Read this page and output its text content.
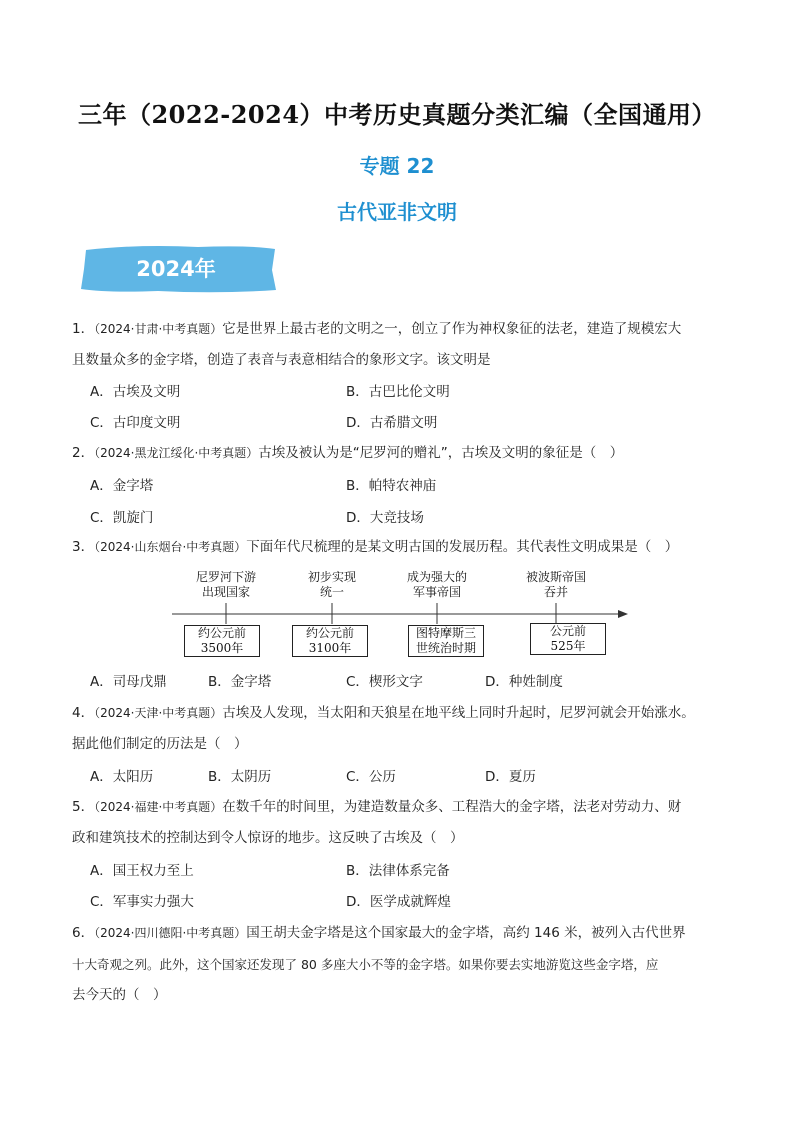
三年（2022-2024）中考历史真题分类汇编（全国通用）
专题 22
古代亚非文明
2024年
1．（2024·甘肃·中考真题）它是世界上最古老的文明之一，创立了作为神权象征的法老，建造了规模宏大
且数量众多的金字塔，创造了表音与表意相结合的象形文字。该文明是
A．古埃及文明	B．古巴比伦文明
C．古印度文明	D．古希腊文明
2．（2024·黑龙江绥化·中考真题）古埃及被认为是“尼罗河的赠礼”，古埃及文明的象征是（　）
A．金字塔	B．帕特农神庙
C．凯旋门	D．大竞技场
3．（2024·山东烟台·中考真题）下面年代尺梳理的是某文明古国的发展历程。其代表性文明成果是（　）
尼罗河下游
出现国家
初步实现
统一
成为强大的
军事帝国
被波斯帝国
吞并
约公元前
3500年
约公元前
3100年
图特摩斯三
世统治时期
公元前
525年
A．司母戊鼎	B．金字塔	C．楔形文字	D．种姓制度
4．（2024·天津·中考真题）古埃及人发现，当太阳和天狼星在地平线上同时升起时，尼罗河就会开始涨水。
据此他们制定的历法是（　）
A．太阳历	B．太阴历	C．公历	D．夏历
5．（2024·福建·中考真题）在数千年的时间里，为建造数量众多、工程浩大的金字塔，法老对劳动力、财
政和建筑技术的控制达到令人惊讶的地步。这反映了古埃及（　）
A．国王权力至上	B．法律体系完备
C．军事实力强大	D．医学成就辉煌
6．（2024·四川德阳·中考真题）国王胡夫金字塔是这个国家最大的金字塔，高约 146 米，被列入古代世界
十大奇观之列。此外，这个国家还发现了 80 多座大小不等的金字塔。如果你要去实地游览这些金字塔，应
去今天的（　）
